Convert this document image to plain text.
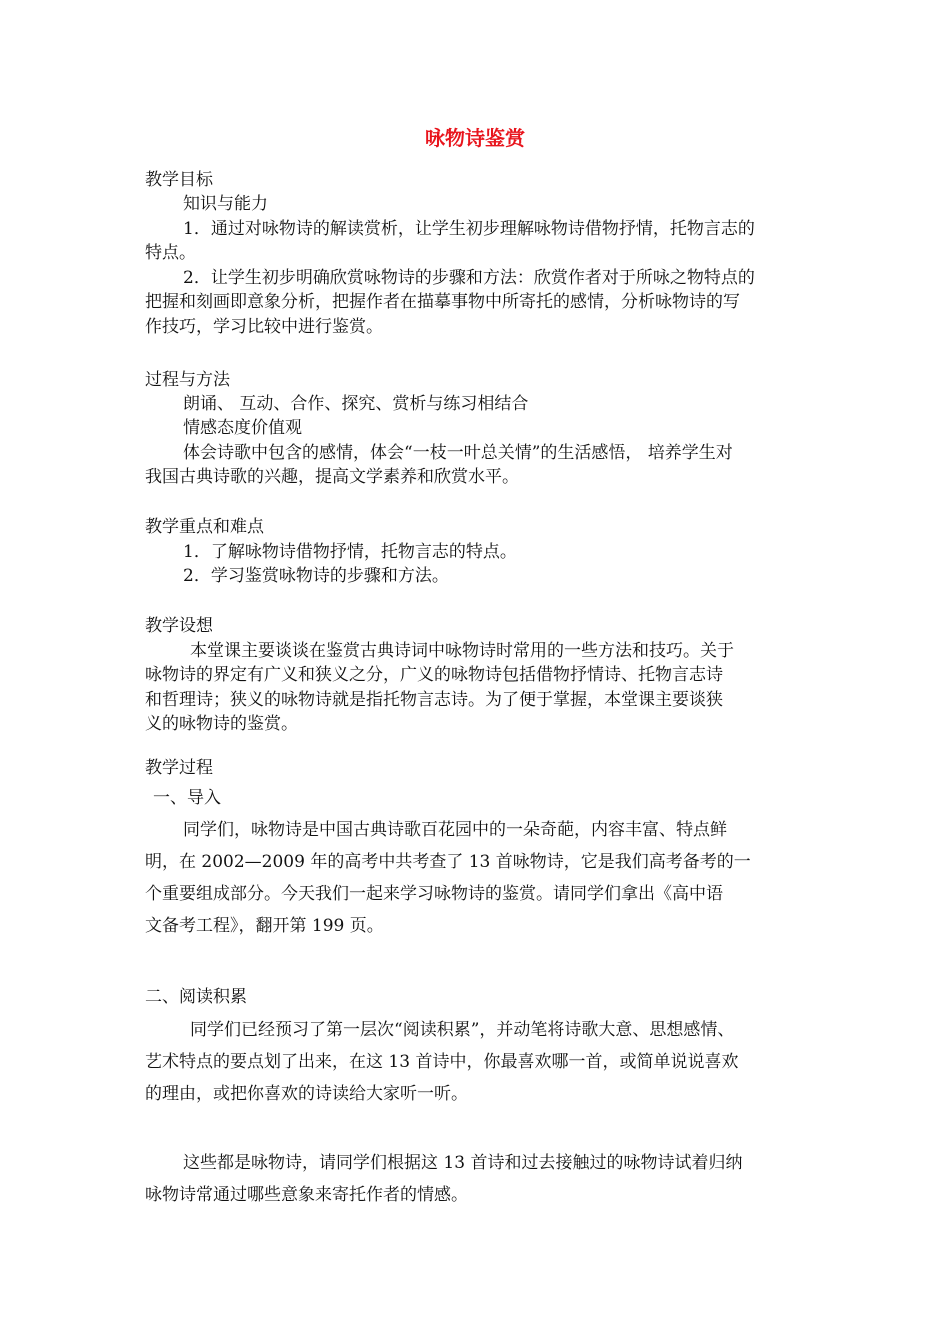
咏物诗鉴赏
教学目标
知识与能力
1．通过对咏物诗的解读赏析，让学生初步理解咏物诗借物抒情，托物言志的
特点。
2．让学生初步明确欣赏咏物诗的步骤和方法：欣赏作者对于所咏之物特点的
把握和刻画即意象分析，把握作者在描摹事物中所寄托的感情，分析咏物诗的写
作技巧，学习比较中进行鉴赏。
过程与方法
朗诵、 互动、合作、探究、赏析与练习相结合
情感态度价值观
体会诗歌中包含的感情，体会“一枝一叶总关情”的生活感悟， 培养学生对
我国古典诗歌的兴趣，提高文学素养和欣赏水平。
教学重点和难点
1．了解咏物诗借物抒情，托物言志的特点。
2．学习鉴赏咏物诗的步骤和方法。
教学设想
本堂课主要谈谈在鉴赏古典诗词中咏物诗时常用的一些方法和技巧。关于
咏物诗的界定有广义和狭义之分，广义的咏物诗包括借物抒情诗、托物言志诗
和哲理诗；狭义的咏物诗就是指托物言志诗。为了便于掌握，本堂课主要谈狭
义的咏物诗的鉴赏。
教学过程
一、导入
同学们，咏物诗是中国古典诗歌百花园中的一朵奇葩，内容丰富、特点鲜
明，在 2002—2009 年的高考中共考查了 13 首咏物诗，它是我们高考备考的一
个重要组成部分。今天我们一起来学习咏物诗的鉴赏。请同学们拿出《高中语
文备考工程》，翻开第 199 页。
二、阅读积累
同学们已经预习了第一层次“阅读积累”，并动笔将诗歌大意、思想感情、
艺术特点的要点划了出来，在这 13 首诗中，你最喜欢哪一首，或简单说说喜欢
的理由，或把你喜欢的诗读给大家听一听。
这些都是咏物诗，请同学们根据这 13 首诗和过去接触过的咏物诗试着归纳
咏物诗常通过哪些意象来寄托作者的情感。
